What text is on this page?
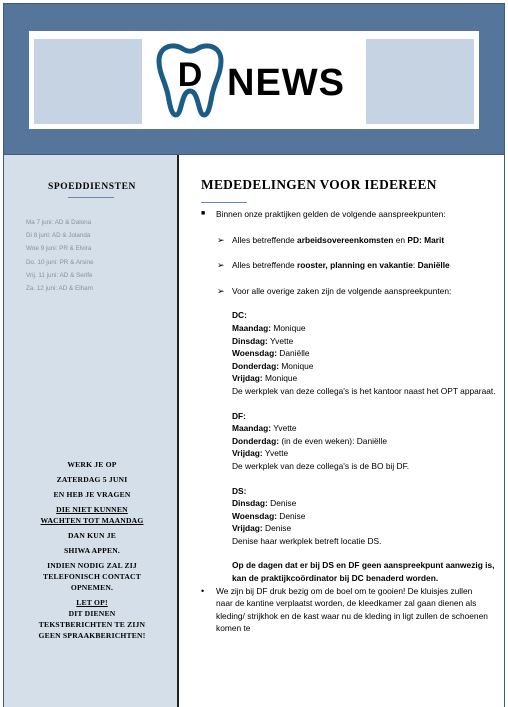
D NEWS
SPOEDDIENSTEN
Ma 7 juni: AD & Dalona
Di 8 juni: AD & Jolanda
Woe 9 juni: PR & Elvira
Do. 10 juni: PR & Arsine
Vrij. 11 juni: AD & Serife
Za. 12 juni: AD & Elham
WERK JE OP
ZATERDAG 5 JUNI
EN HEB JE VRAGEN
DIE NIET KUNNEN
WACHTEN TOT MAANDAG
DAN KUN JE
SHIWA APPEN.
INDIEN NODIG ZAL ZIJ
TELEFONISCH CONTACT
OPNEMEN.
LET OP!
DIT DIENEN
TEKSTBERICHTEN TE ZIJN
GEEN SPRAAKBERICHTEN!
MEDEDELINGEN VOOR IEDEREEN
■ Binnen onze praktijken gelden de volgende aanspreekpunten:
➢ Alles betreffende arbeidsovereenkomsten en PD: Marit
➢ Alles betreffende rooster, planning en vakantie: Daniëlle
➢ Voor alle overige zaken zijn de volgende aanspreekpunten:
DC:
Maandag: Monique
Dinsdag: Yvette
Woensdag: Daniëlle
Donderdag: Monique
Vrijdag: Monique
De werkplek van deze collega's is het kantoor naast het OPT apparaat.
DF:
Maandag: Yvette
Donderdag: (in de even weken): Daniëlle
Vrijdag: Yvette
De werkplek van deze collega's is de BO bij DF.
DS:
Dinsdag: Denise
Woensdag: Denise
Vrijdag: Denise
Denise haar werkplek betreft locatie DS.
Op de dagen dat er bij DS en DF geen aanspreekpunt aanwezig is, kan de praktijkcoördinator bij DC benaderd worden.
• We zijn bij DF druk bezig om de boel om te gooien! De kluisjes zullen naar de kantine verplaatst worden, de kleedkamer zal gaan dienen als kleding/ strijkhok en de kast waar nu de kleding in ligt zullen de schoenen komen te
